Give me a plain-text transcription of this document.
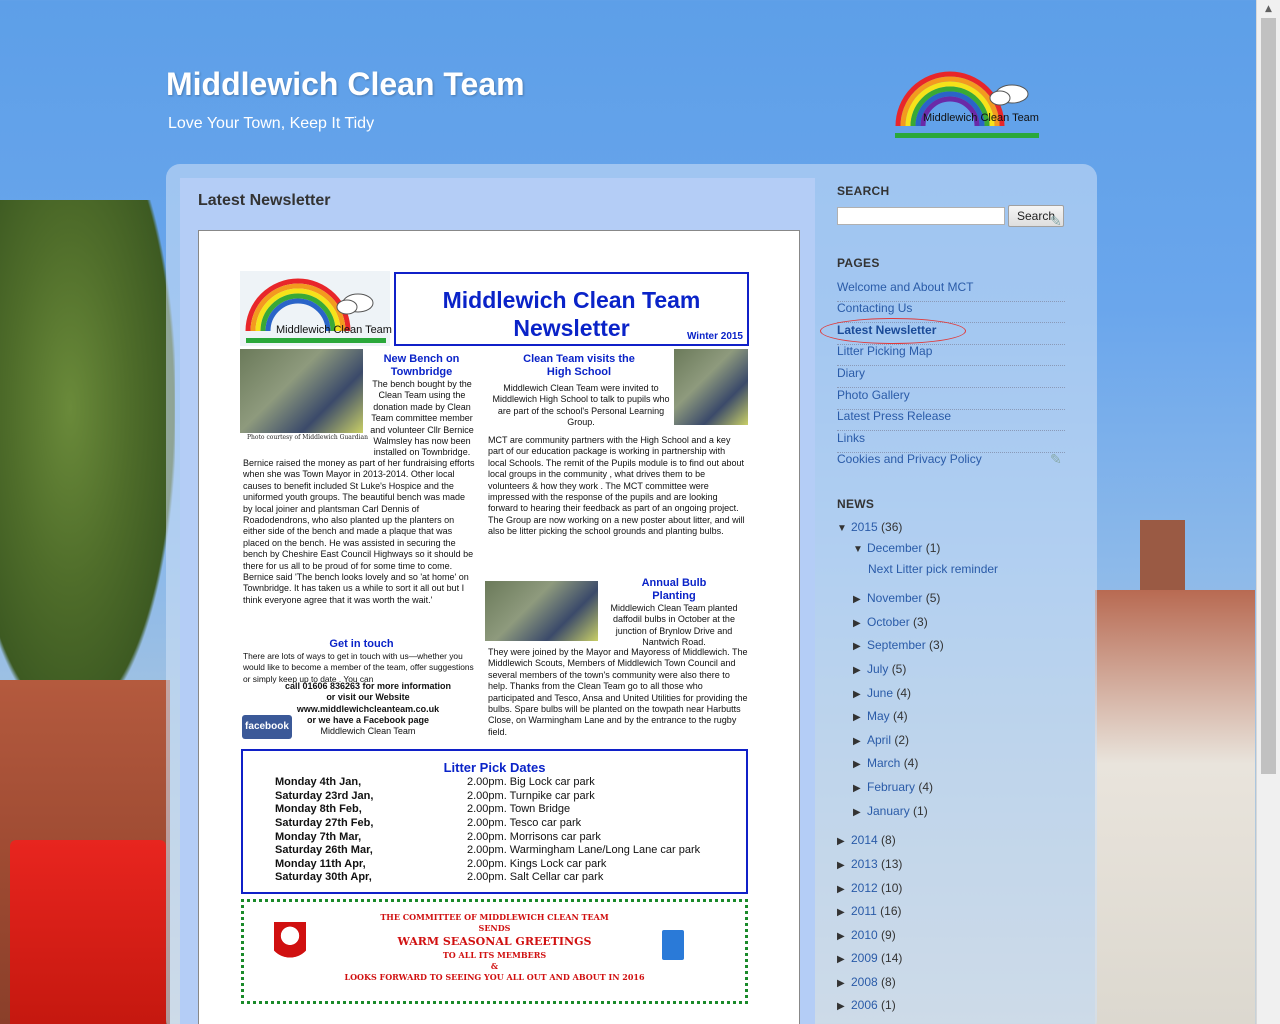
▲
Middlewich Clean Team
Love Your Town, Keep It Tidy	Middlewich Clean Team
Latest Newsletter
Middlewich Clean Team
Middlewich Clean Team
Newsletter	Winter 2015
Photo courtesy of Middlewich Guardian
New Bench on Townbridge
The bench bought by the Clean Team using the donation made by Clean Team committee member and volunteer Cllr Bernice Walmsley has now been installed on Townbridge.
Bernice raised the money as part of her fundraising efforts when she was Town Mayor in 2013-2014. Other local causes to benefit included St Luke's Hospice and the uniformed youth groups. The beautiful bench was made by local joiner and plantsman Carl Dennis of Roadodendrons, who also planted up the planters on either side of the bench and made a plaque that was placed on the bench. He was assisted in securing the bench by Cheshire East Council Highways so it should be there for us all to be proud of for some time to come. Bernice said 'The bench looks lovely and so 'at home' on Townbridge. It has taken us a while to sort it all out but I think everyone agree that it was worth the wait.'
Clean Team visits the High School
Middlewich Clean Team were invited to Middlewich High School to talk to pupils who are part of the school's Personal Learning Group.
MCT are community partners with the High School and a key part of our education package is working in partnership with local Schools. The remit of the Pupils module is to find out about local groups in the community , what drives them to be volunteers & how they work . The MCT committee were impressed with the response of the pupils and are looking forward to hearing their feedback as part of an ongoing project. The Group are now working on a new poster about litter, and will also be litter picking the school grounds and planting bulbs.
Annual Bulb Planting
Middlewich Clean Team planted daffodil bulbs in October at the junction of Brynlow Drive and Nantwich Road.
They were joined by the Mayor and Mayoress of Middlewich. The Middlewich Scouts, Members of Middlewich Town Council and several members of the town's community were also there to help. Thanks from the Clean Team go to all those who participated and Tesco, Ansa and United Utilities for providing the bulbs. Spare bulbs will be planted on the towpath near Harbutts Close, on Warmingham Lane and by the entrance to the rugby field.
Get in touch
There are lots of ways to get in touch with us—whether you would like to become a member of the team, offer suggestions or simply keep up to date . You can
call 01606 836263 for more information
or visit our Website
www.middlewichcleanteam.co.uk
or we have a Facebook page
Middlewich Clean Team
facebook
Litter Pick Dates
Monday 4th Jan,	2.00pm. Big Lock car park
Saturday 23rd Jan,	2.00pm. Turnpike car park
Monday 8th Feb,	2.00pm. Town Bridge
Saturday 27th Feb,	2.00pm. Tesco car park
Monday 7th Mar,	2.00pm. Morrisons car park
Saturday 26th Mar,	2.00pm. Warmingham Lane/Long Lane car park
Monday 11th Apr,	2.00pm. Kings Lock car park
Saturday 30th Apr,	2.00pm. Salt Cellar car park
THE COMMITTEE OF MIDDLEWICH CLEAN TEAM
SENDS
WARM SEASONAL GREETINGS
TO ALL ITS MEMBERS
&
LOOKS FORWARD TO SEEING YOU ALL OUT AND ABOUT IN 2016
SEARCH
Search
✎
PAGES
Welcome and About MCT
Contacting Us
Latest Newsletter
Litter Picking Map
Diary
Photo Gallery
Latest Press Release
Links
Cookies and Privacy Policy	✎
NEWS
▼ 2015 (36)
▼ December (1)
Next Litter pick reminder
▶ November (5)
▶ October (3)
▶ September (3)
▶ July (5)
▶ June (4)
▶ May (4)
▶ April (2)
▶ March (4)
▶ February (4)
▶ January (1)
▶ 2014 (8)
▶ 2013 (13)
▶ 2012 (10)
▶ 2011 (16)
▶ 2010 (9)
▶ 2009 (14)
▶ 2008 (8)
▶ 2006 (1)
